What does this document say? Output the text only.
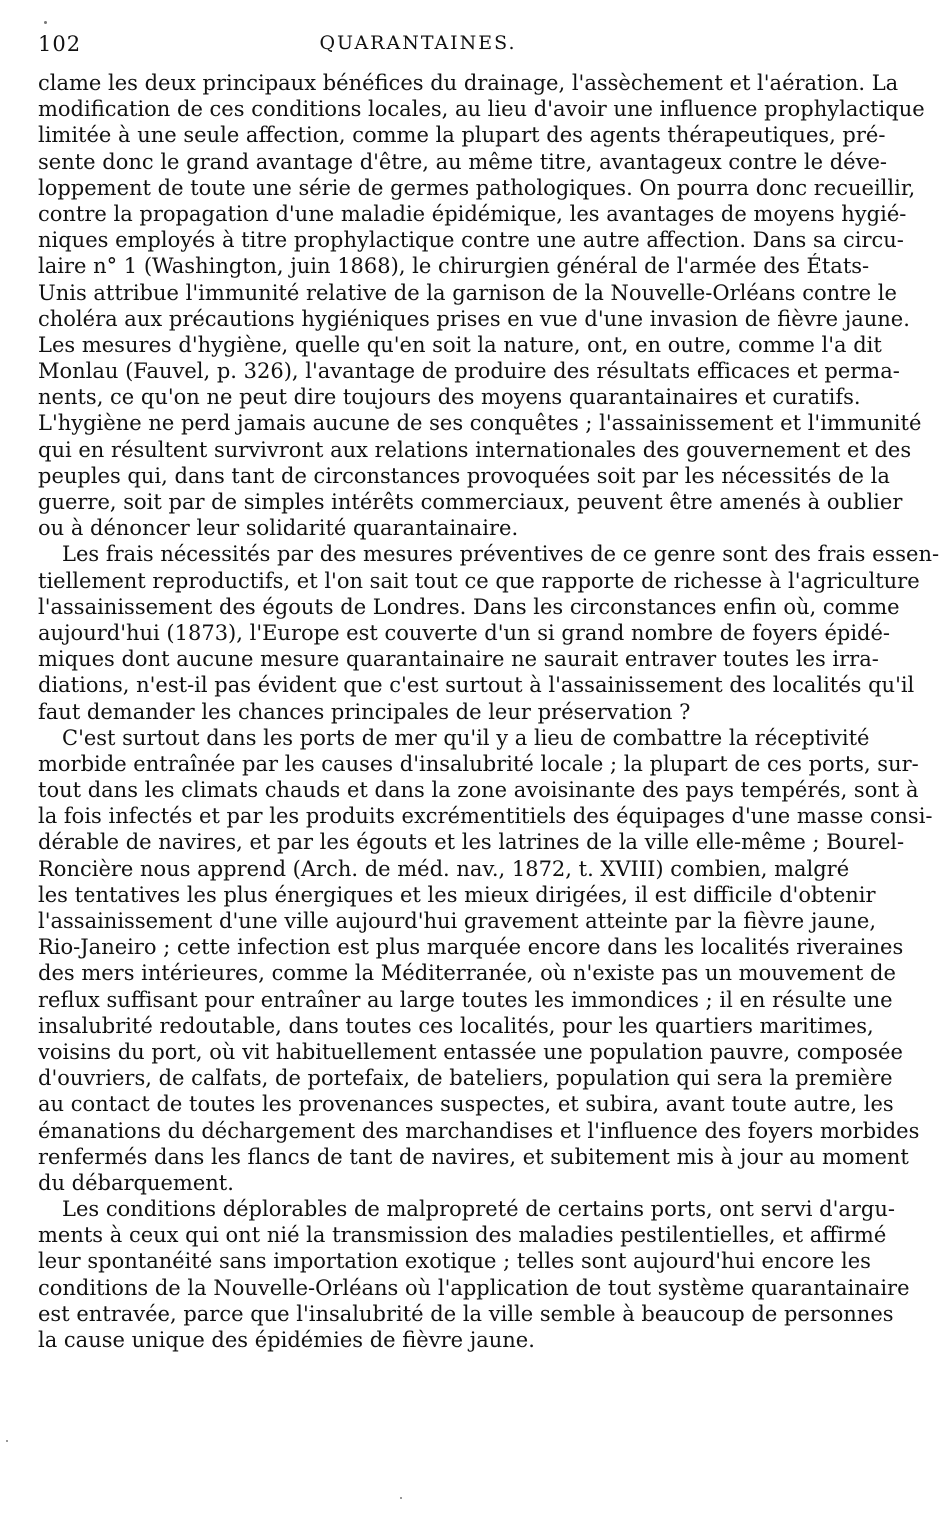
102	QUARANTAINES.
clame les deux principaux bénéfices du drainage, l'assèchement et l'aération. La
modification de ces conditions locales, au lieu d'avoir une influence prophylactique
limitée à une seule affection, comme la plupart des agents thérapeutiques, pré-
sente donc le grand avantage d'être, au même titre, avantageux contre le déve-
loppement de toute une série de germes pathologiques. On pourra donc recueillir,
contre la propagation d'une maladie épidémique, les avantages de moyens hygié-
niques employés à titre prophylactique contre une autre affection. Dans sa circu-
laire n° 1 (Washington, juin 1868), le chirurgien général de l'armée des États-
Unis attribue l'immunité relative de la garnison de la Nouvelle-Orléans contre le
choléra aux précautions hygiéniques prises en vue d'une invasion de fièvre jaune.
Les mesures d'hygiène, quelle qu'en soit la nature, ont, en outre, comme l'a dit
Monlau (Fauvel, p. 326), l'avantage de produire des résultats efficaces et perma-
nents, ce qu'on ne peut dire toujours des moyens quarantainaires et curatifs.
L'hygiène ne perd jamais aucune de ses conquêtes ; l'assainissement et l'immunité
qui en résultent survivront aux relations internationales des gouvernement et des
peuples qui, dans tant de circonstances provoquées soit par les nécessités de la
guerre, soit par de simples intérêts commerciaux, peuvent être amenés à oublier
ou à dénoncer leur solidarité quarantainaire.
Les frais nécessités par des mesures préventives de ce genre sont des frais essen-
tiellement reproductifs, et l'on sait tout ce que rapporte de richesse à l'agriculture
l'assainissement des égouts de Londres. Dans les circonstances enfin où, comme
aujourd'hui (1873), l'Europe est couverte d'un si grand nombre de foyers épidé-
miques dont aucune mesure quarantainaire ne saurait entraver toutes les irra-
diations, n'est-il pas évident que c'est surtout à l'assainissement des localités qu'il
faut demander les chances principales de leur préservation ?
C'est surtout dans les ports de mer qu'il y a lieu de combattre la réceptivité
morbide entraînée par les causes d'insalubrité locale ; la plupart de ces ports, sur-
tout dans les climats chauds et dans la zone avoisinante des pays tempérés, sont à
la fois infectés et par les produits excrémentitiels des équipages d'une masse consi-
dérable de navires, et par les égouts et les latrines de la ville elle-même ; Bourel-
Roncière nous apprend (Arch. de méd. nav., 1872, t. XVIII) combien, malgré
les tentatives les plus énergiques et les mieux dirigées, il est difficile d'obtenir
l'assainissement d'une ville aujourd'hui gravement atteinte par la fièvre jaune,
Rio-Janeiro ; cette infection est plus marquée encore dans les localités riveraines
des mers intérieures, comme la Méditerranée, où n'existe pas un mouvement de
reflux suffisant pour entraîner au large toutes les immondices ; il en résulte une
insalubrité redoutable, dans toutes ces localités, pour les quartiers maritimes,
voisins du port, où vit habituellement entassée une population pauvre, composée
d'ouvriers, de calfats, de portefaix, de bateliers, population qui sera la première
au contact de toutes les provenances suspectes, et subira, avant toute autre, les
émanations du déchargement des marchandises et l'influence des foyers morbides
renfermés dans les flancs de tant de navires, et subitement mis à jour au moment
du débarquement.
Les conditions déplorables de malpropreté de certains ports, ont servi d'argu-
ments à ceux qui ont nié la transmission des maladies pestilentielles, et affirmé
leur spontanéité sans importation exotique ; telles sont aujourd'hui encore les
conditions de la Nouvelle-Orléans où l'application de tout système quarantainaire
est entravée, parce que l'insalubrité de la ville semble à beaucoup de personnes
la cause unique des épidémies de fièvre jaune.
